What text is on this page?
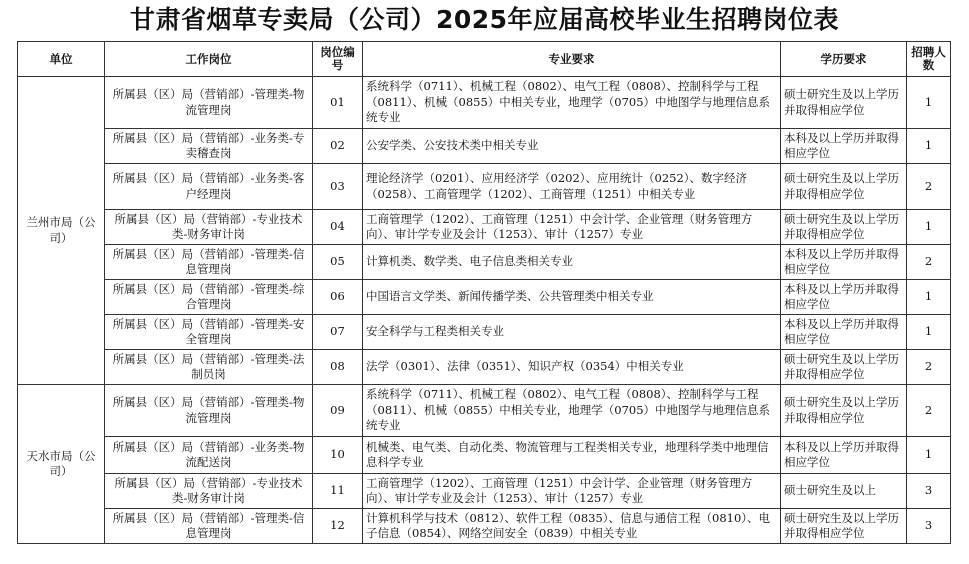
甘肃省烟草专卖局（公司）2025年应届高校毕业生招聘岗位表
单位	工作岗位	岗位编号	专业要求	学历要求	招聘人数
兰州市局（公司）	所属县（区）局（营销部）-管理类-物流管理岗	01	系统科学（0711）、机械工程（0802）、电气工程（0808）、控制科学与工程（0811）、机械（0855）中相关专业，地理学（0705）中地图学与地理信息系统专业	硕士研究生及以上学历并取得相应学位	1
	所属县（区）局（营销部）-业务类-专卖稽查岗	02	公安学类、公安技术类中相关专业	本科及以上学历并取得相应学位	1
	所属县（区）局（营销部）-业务类-客户经理岗	03	理论经济学（0201）、应用经济学（0202）、应用统计（0252）、数字经济（0258）、工商管理学（1202）、工商管理（1251）中相关专业	硕士研究生及以上学历并取得相应学位	2
	所属县（区）局（营销部）-专业技术类-财务审计岗	04	工商管理学（1202）、工商管理（1251）中会计学、企业管理（财务管理方向）、审计学专业及会计（1253）、审计（1257）专业	硕士研究生及以上学历并取得相应学位	1
	所属县（区）局（营销部）-管理类-信息管理岗	05	计算机类、数学类、电子信息类相关专业	本科及以上学历并取得相应学位	2
	所属县（区）局（营销部）-管理类-综合管理岗	06	中国语言文学类、新闻传播学类、公共管理类中相关专业	本科及以上学历并取得相应学位	1
	所属县（区）局（营销部）-管理类-安全管理岗	07	安全科学与工程类相关专业	本科及以上学历并取得相应学位	1
	所属县（区）局（营销部）-管理类-法制员岗	08	法学（0301）、法律（0351）、知识产权（0354）中相关专业	硕士研究生及以上学历并取得相应学位	2
天水市局（公司）	所属县（区）局（营销部）-管理类-物流管理岗	09	系统科学（0711）、机械工程（0802）、电气工程（0808）、控制科学与工程（0811）、机械（0855）中相关专业，地理学（0705）中地图学与地理信息系统专业	硕士研究生及以上学历并取得相应学位	2
	所属县（区）局（营销部）-业务类-物流配送岗	10	机械类、电气类、自动化类、物流管理与工程类相关专业，地理科学类中地理信息科学专业	本科及以上学历并取得相应学位	1
	所属县（区）局（营销部）-专业技术类-财务审计岗	11	工商管理学（1202）、工商管理（1251）中会计学、企业管理（财务管理方向）、审计学专业及会计（1253）、审计（1257）专业	硕士研究生及以上	3
	所属县（区）局（营销部）-管理类-信息管理岗	12	计算机科学与技术（0812）、软件工程（0835）、信息与通信工程（0810）、电子信息（0854）、网络空间安全（0839）中相关专业	硕士研究生及以上学历并取得相应学位	3
